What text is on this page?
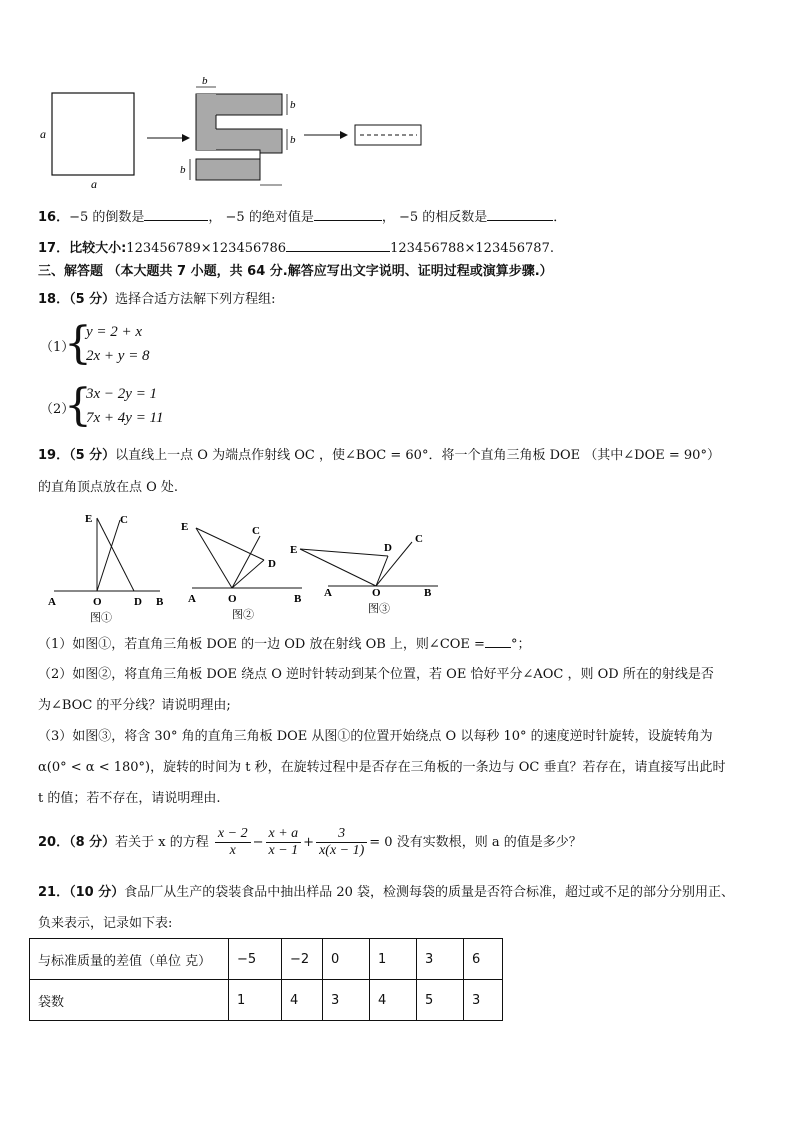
a
a
b
b
b
b
16．−5 的倒数是	， −5 的绝对值是	， −5 的相反数是	．
17．比较大小:123456789×123456786	123456788×123456787.
三、解答题 （本大题共 7 小题，共 64 分.解答应写出文字说明、证明过程或演算步骤.）
18．（5 分）选择合适方法解下列方程组:
（1）
{
y = 2 + x
2x + y = 8
（2）
{
3x − 2y = 1
7x + 4y = 11
19．（5 分）以直线上一点 O 为端点作射线 OC ，使∠BOC = 60°．将一个直角三角板 DOE （其中∠DOE = 90°）
的直角顶点放在点 O 处.
E	C
A	O	D B
图①
E	C
D
A	O	B
图②
E	D
C
A	O	B
图③
（1）如图①，若直角三角板 DOE 的一边 OD 放在射线 OB 上，则∠COE = °；
（2）如图②，将直角三角板 DOE 绕点 O 逆时针转动到某个位置，若 OE 恰好平分∠AOC ，则 OD 所在的射线是否
为∠BOC 的平分线？请说明理由;
（3）如图③，将含 30° 角的直角三角板 DOE 从图①的位置开始绕点 O 以每秒 10° 的速度逆时针旋转，设旋转角为
α(0° < α < 180°)，旋转的时间为 t 秒，在旋转过程中是否存在三角板的一条边与 OC 垂直？若存在，请直接写出此时
t 的值；若不存在，请说明理由.
20．（8 分）若关于 x 的方程 $\frac{x - 2}{x} - \frac{x + a}{x - 1} + \frac{3}{x(x - 1)} = 0$ 没有实数根，则 a 的值是多少？
21．（10 分）食品厂从生产的袋装食品中抽出样品 20 袋，检测每袋的质量是否符合标准，超过或不足的部分分别用正、
负来表示，记录如下表:
与标准质量的差值（单位 克）	−5	−2	0	1	3	6
袋数	1	4	3	4	5	3
